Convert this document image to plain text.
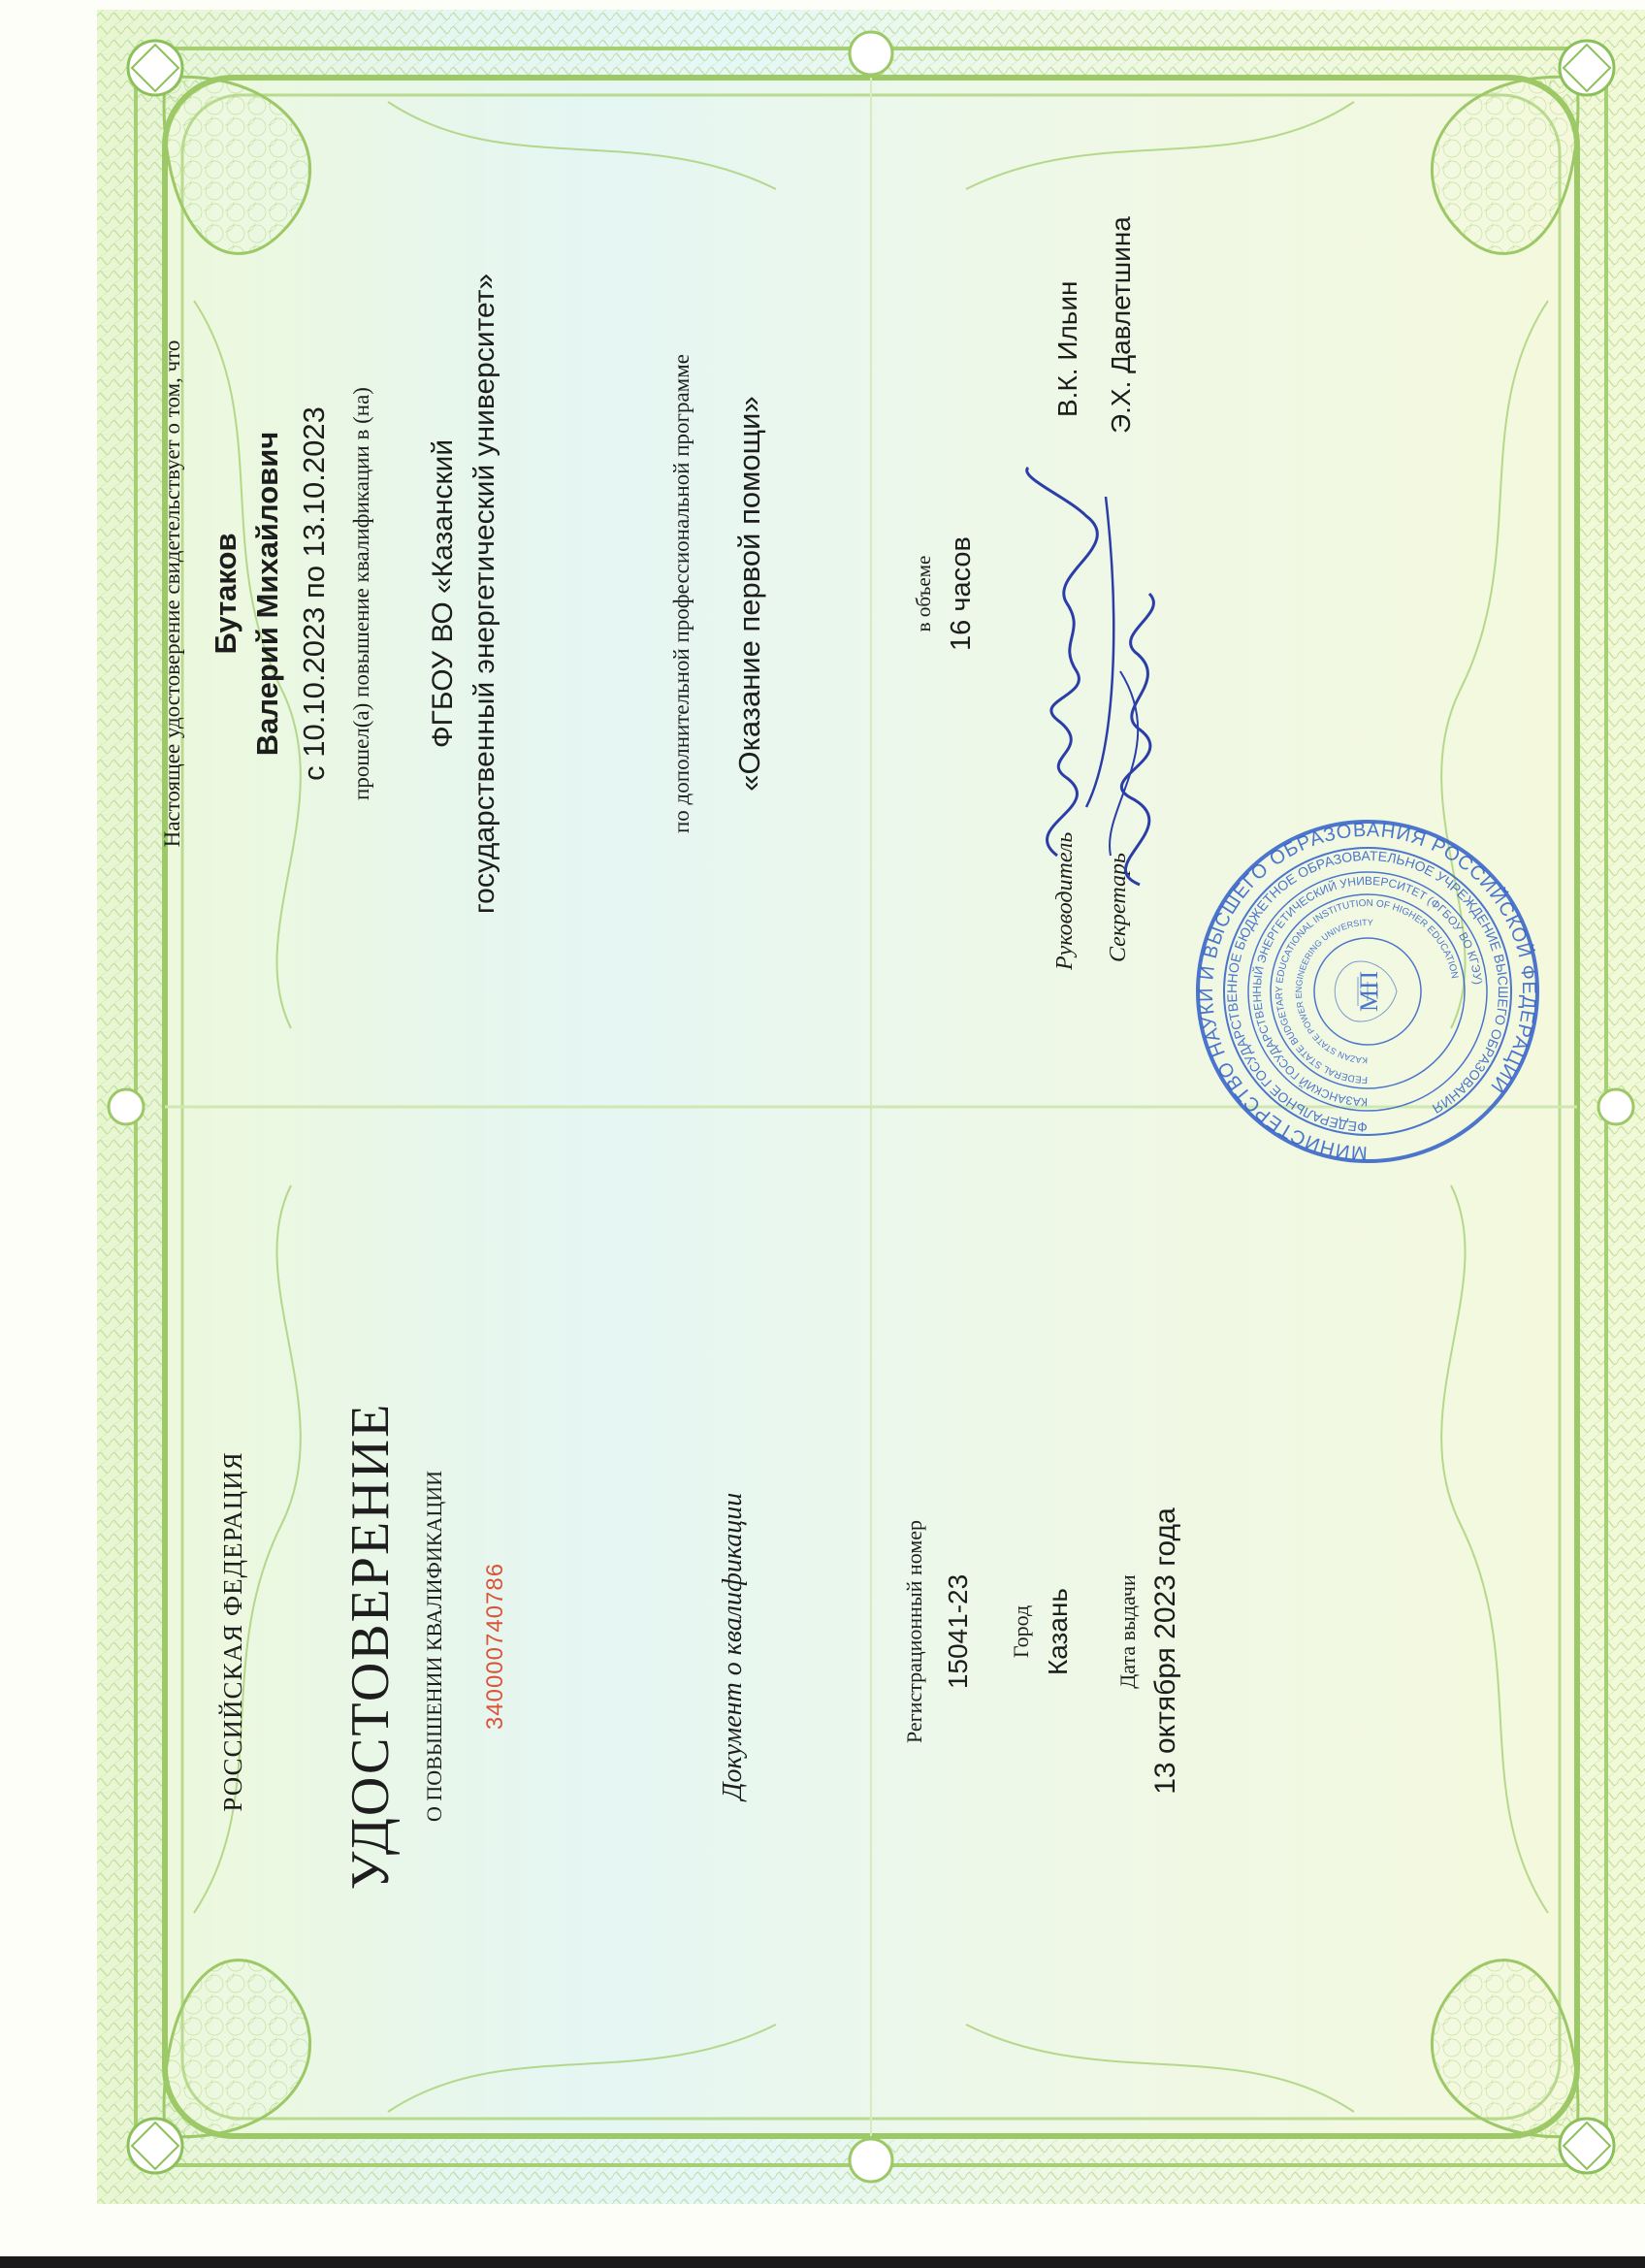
РОССИЙСКАЯ ФЕДЕРАЦИЯ УДОСТОВЕРЕНИЕ О ПОВЫШЕНИИ КВАЛИФИКАЦИИ 340000740786	Документ о квалификации	Регистрационный номер 15041-23 Город Казань Дата выдачи 13 октября 2023 года
Настоящее удостоверение свидетельствует о том, что Бутаков Валерий Михайлович с 10.10.2023 по 13.10.2023 прошел(а) повышение квалификации в (на) ФГБОУ ВО «Казанский государственный энергетический университет»	по дополнительной профессиональной программе «Оказание первой помощи»	в объеме 16 часов
Руководитель
В.К. Ильин
Секретарь
Э.Х. Давлетшина
МИНИСТЕРСТВО НАУКИ И ВЫСШЕГО ОБРАЗОВАНИЯ РОССИЙСКОЙ ФЕДЕРАЦИИ
ФЕДЕРАЛЬНОЕ ГОСУДАРСТВЕННОЕ БЮДЖЕТНОЕ ОБРАЗОВАТЕЛЬНОЕ УЧРЕЖДЕНИЕ ВЫСШЕГО ОБРАЗОВАНИЯ
КАЗАНСКИЙ ГОСУДАРСТВЕННЫЙ ЭНЕРГЕТИЧЕСКИЙ УНИВЕРСИТЕТ (ФГБОУ ВО КГЭУ)
FEDERAL STATE BUDGETARY EDUCATIONAL INSTITUTION OF HIGHER EDUCATION
KAZAN STATE POWER ENGINEERING UNIVERSITY
МП
